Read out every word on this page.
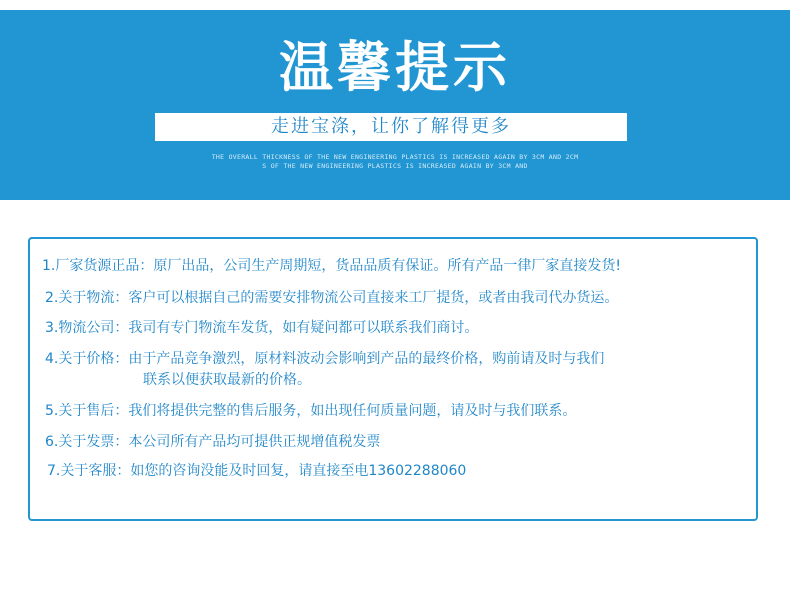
温馨提示
走进宝涤，让你了解得更多
THE OVERALL THICKNESS OF THE NEW ENGINEERING PLASTICS IS INCREASED AGAIN BY 3CM AND 2CM
S OF THE NEW ENGINEERING PLASTICS IS INCREASED AGAIN BY 3CM AND
1.厂家货源正品：原厂出品，公司生产周期短，货品品质有保证。所有产品一律厂家直接发货!
2.关于物流：客户可以根据自己的需要安排物流公司直接来工厂提货，或者由我司代办货运。
3.物流公司：我司有专门物流车发货，如有疑问都可以联系我们商讨。
4.关于价格：由于产品竞争激烈，原材料波动会影响到产品的最终价格，购前请及时与我们
联系以便获取最新的价格。
5.关于售后：我们将提供完整的售后服务，如出现任何质量问题，请及时与我们联系。
6.关于发票：本公司所有产品均可提供正规增值税发票
7.关于客服：如您的咨询没能及时回复，请直接至电13602288060
